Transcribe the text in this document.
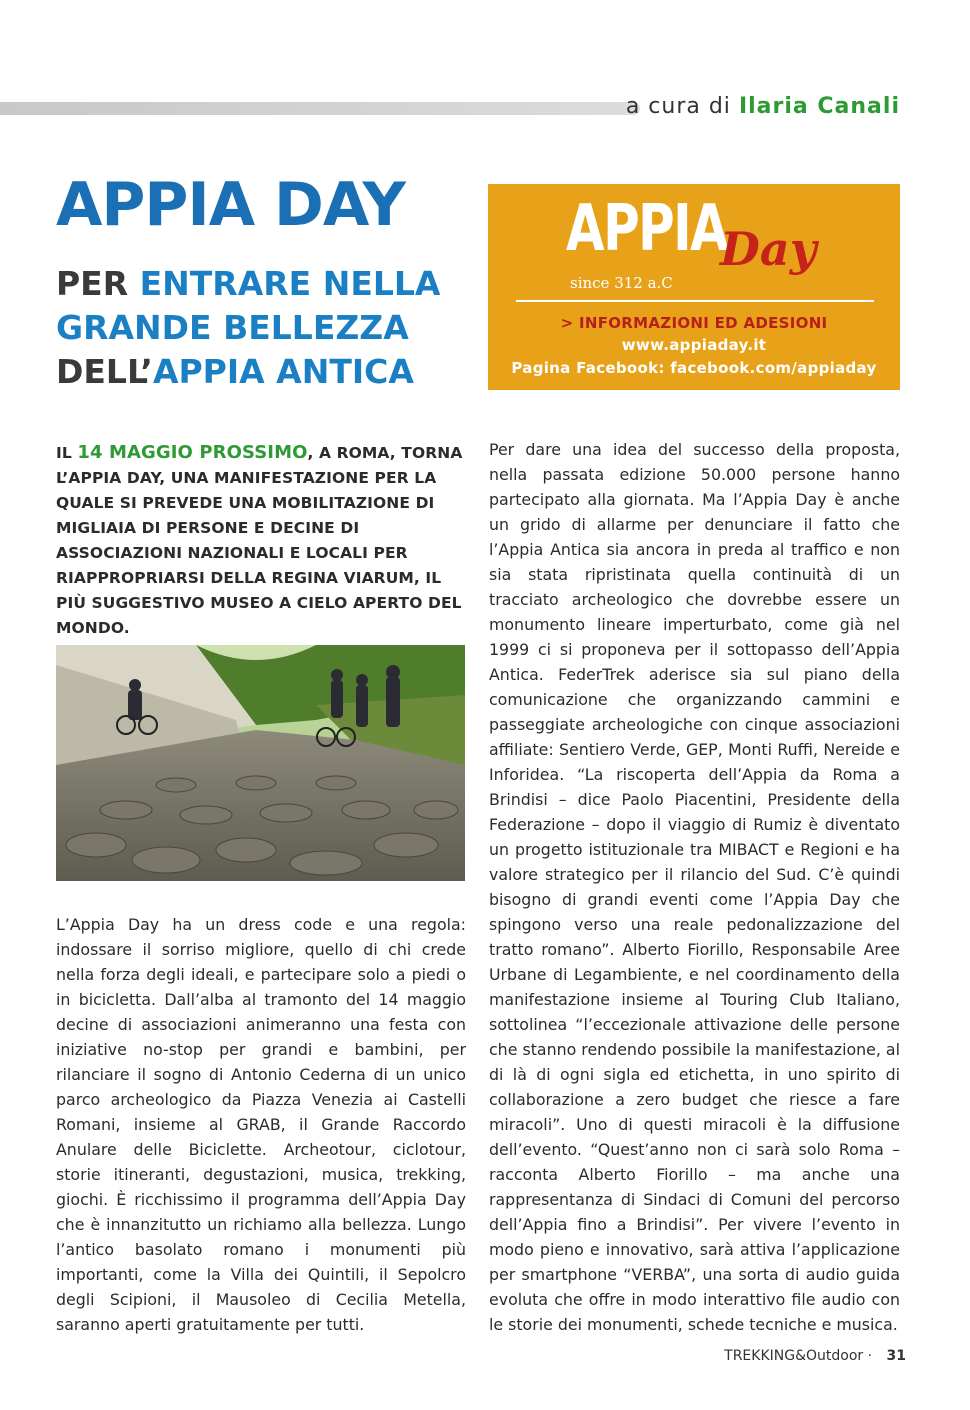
a cura di Ilaria Canali
APPIA DAY
PER ENTRARE NELLA GRANDE BELLEZZA DELL’APPIA ANTICA
APPIA
Day
since 312 a.C
> INFORMAZIONI ED ADESIONI
www.appiaday.it
Pagina Facebook: facebook.com/appiaday

IL 14 MAGGIO PROSSIMO, A ROMA, TORNA L’APPIA DAY, UNA MANIFESTAZIONE PER LA QUALE SI PREVEDE UNA MOBILITAZIONE DI MIGLIAIA DI PERSONE E DECINE DI ASSOCIAZIONI NAZIONALI E LOCALI PER RIAPPROPRIARSI DELLA REGINA VIARUM, IL PIÙ SUGGESTIVO MUSEO A CIELO APERTO DEL MONDO.

L’Appia Day ha un dress code e una regola: indossare il sorriso migliore, quello di chi crede nella forza degli ideali, e partecipare solo a piedi o in bicicletta. Dall’alba al tramonto del 14 maggio decine di associazioni animeranno una festa con iniziative no-stop per grandi e bambini, per rilanciare il sogno di Antonio Cederna di un unico parco archeologico da Piazza Venezia ai Castelli Romani, insieme al GRAB, il Grande Raccordo Anulare delle Biciclette. Archeotour, ciclotour, storie itineranti, degustazioni, musica, trekking, giochi. È ricchissimo il programma dell’Appia Day che è innanzitutto un richiamo alla bellezza. Lungo l’antico basolato romano i monumenti più importanti, come la Villa dei Quintili, il Sepolcro degli Scipioni, il Mausoleo di Cecilia Metella, saranno aperti gratuitamente per tutti.

Per dare una idea del successo della proposta, nella passata edizione 50.000 persone hanno partecipato alla giornata. Ma l’Appia Day è anche un grido di allarme per denunciare il fatto che l’Appia Antica sia ancora in preda al traffico e non sia stata ripristinata quella continuità di un tracciato archeologico che dovrebbe essere un monumento lineare imperturbato, come già nel 1999 ci si proponeva per il sottopasso dell’Appia Antica. FederTrek aderisce sia sul piano della comunicazione che organizzando cammini e passeggiate archeologiche con cinque associazioni affiliate: Sentiero Verde, GEP, Monti Ruffi, Nereide e Inforidea. “La riscoperta dell’Appia da Roma a Brindisi – dice Paolo Piacentini, Presidente della Federazione – dopo il viaggio di Rumiz è diventato un progetto istituzionale tra MIBACT e Regioni e ha valore strategico per il rilancio del Sud. C’è quindi bisogno di grandi eventi come l’Appia Day che spingono verso una reale pedonalizzazione del tratto romano”. Alberto Fiorillo, Responsabile Aree Urbane di Legambiente, e nel coordinamento della manifestazione insieme al Touring Club Italiano, sottolinea “l’eccezionale attivazione delle persone che stanno rendendo possibile la manifestazione, al di là di ogni sigla ed etichetta, in uno spirito di collaborazione a zero budget che riesce a fare miracoli”. Uno di questi miracoli è la diffusione dell’evento. “Quest’anno non ci sarà solo Roma – racconta Alberto Fiorillo – ma anche una rappresentanza di Sindaci di Comuni del percorso dell’Appia fino a Brindisi”. Per vivere l’evento in modo pieno e innovativo, sarà attiva l’applicazione per smartphone “VERBA”, una sorta di audio guida evoluta che offre in modo interattivo file audio con le storie dei monumenti, schede tecniche e musica.

TREKKING&Outdoor · 31
